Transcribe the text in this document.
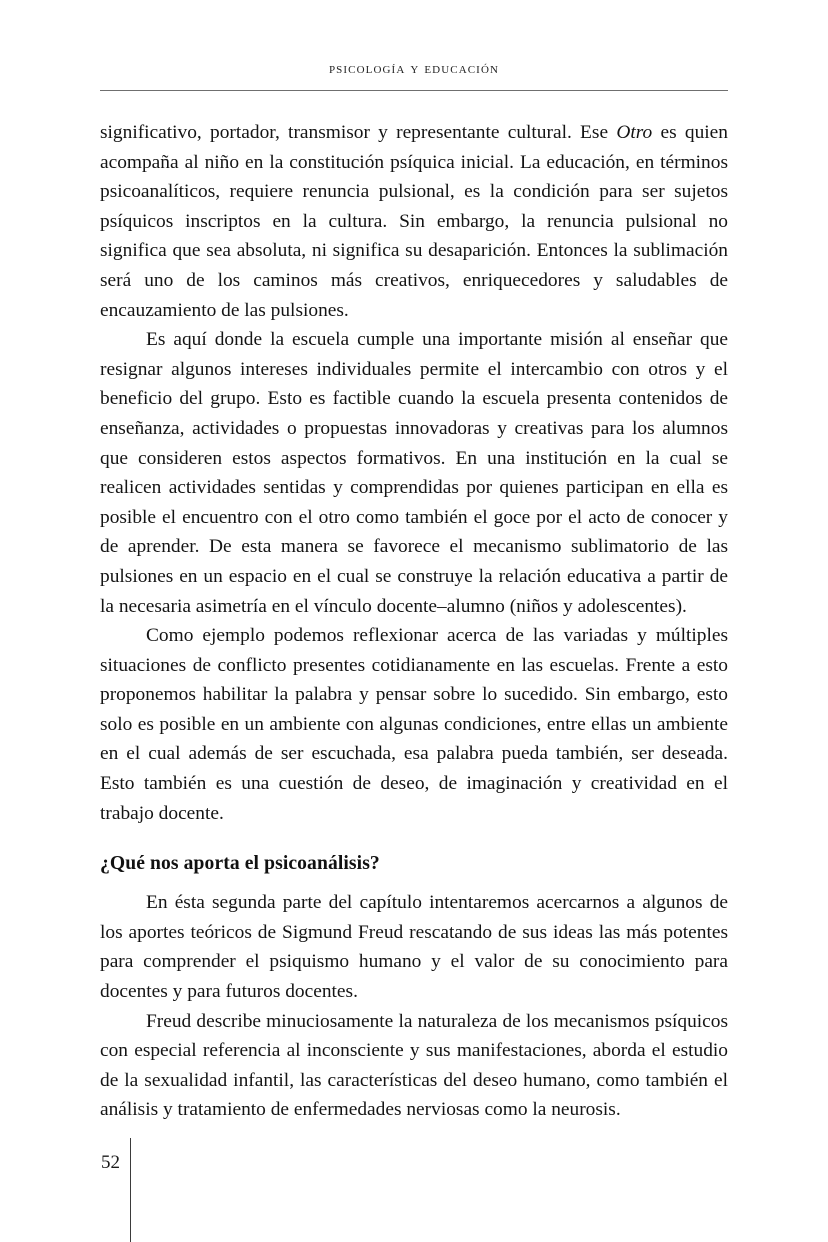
psicología y educación

significativo, portador, transmisor y representante cultural. Ese Otro es quien acompaña al niño en la constitución psíquica inicial. La educación, en términos psicoanalíticos, requiere renuncia pulsional, es la condición para ser sujetos psíquicos inscriptos en la cultura. Sin embargo, la renuncia pulsional no significa que sea absoluta, ni significa su desaparición. Entonces la sublimación será uno de los caminos más creativos, enriquecedores y saludables de encauzamiento de las pulsiones.

Es aquí donde la escuela cumple una importante misión al enseñar que resignar algunos intereses individuales permite el intercambio con otros y el beneficio del grupo. Esto es factible cuando la escuela presenta contenidos de enseñanza, actividades o propuestas innovadoras y creativas para los alumnos que consideren estos aspectos formativos. En una institución en la cual se realicen actividades sentidas y comprendidas por quienes participan en ella es posible el encuentro con el otro como también el goce por el acto de conocer y de aprender. De esta manera se favorece el mecanismo sublimatorio de las pulsiones en un espacio en el cual se construye la relación educativa a partir de la necesaria asimetría en el vínculo docente–alumno (niños y adolescentes).

Como ejemplo podemos reflexionar acerca de las variadas y múltiples situaciones de conflicto presentes cotidianamente en las escuelas. Frente a esto proponemos habilitar la palabra y pensar sobre lo sucedido. Sin embargo, esto solo es posible en un ambiente con algunas condiciones, entre ellas un ambiente en el cual además de ser escuchada, esa palabra pueda también, ser deseada. Esto también es una cuestión de deseo, de imaginación y creatividad en el trabajo docente.

¿Qué nos aporta el psicoanálisis?

En ésta segunda parte del capítulo intentaremos acercarnos a algunos de los aportes teóricos de Sigmund Freud rescatando de sus ideas las más potentes para comprender el psiquismo humano y el valor de su conocimiento para docentes y para futuros docentes.

Freud describe minuciosamente la naturaleza de los mecanismos psíquicos con especial referencia al inconsciente y sus manifestaciones, aborda el estudio de la sexualidad infantil, las características del deseo humano, como también el análisis y tratamiento de enfermedades nerviosas como la neurosis.

52
